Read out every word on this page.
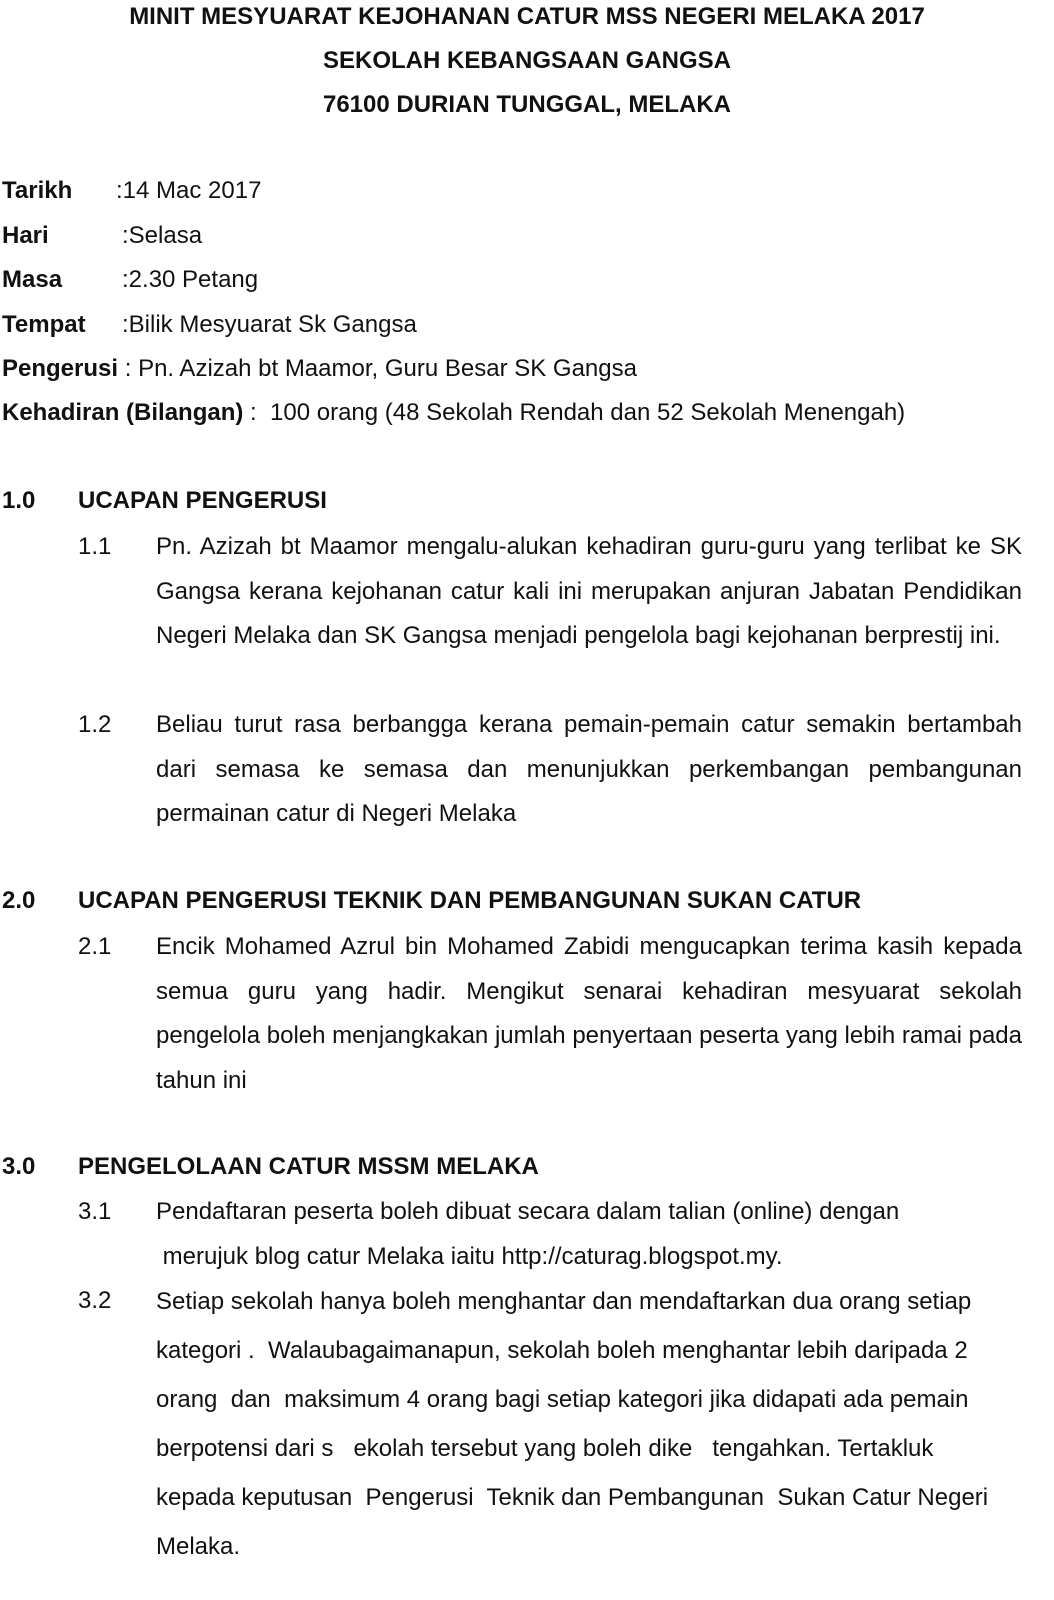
MINIT MESYUARAT KEJOHANAN CATUR MSS NEGERI MELAKA 2017
SEKOLAH KEBANGSAAN GANGSA
76100 DURIAN TUNGGAL, MELAKA
Tarikh :14 Mac 2017
Hari	:Selasa
Masa :2.30 Petang
Tempat :Bilik Mesyuarat Sk Gangsa
Pengerusi : Pn. Azizah bt Maamor, Guru Besar SK Gangsa
Kehadiran (Bilangan) :  100 orang (48 Sekolah Rendah dan 52 Sekolah Menengah)
1.0 UCAPAN PENGERUSI
1.1 Pn. Azizah bt Maamor mengalu-alukan kehadiran guru-guru yang terlibat ke SK Gangsa kerana kejohanan catur kali ini merupakan anjuran Jabatan Pendidikan Negeri Melaka dan SK Gangsa menjadi pengelola bagi kejohanan berprestij ini.
1.2 Beliau turut rasa berbangga kerana pemain-pemain catur semakin bertambah dari semasa ke semasa dan menunjukkan perkembangan pembangunan permainan catur di Negeri Melaka
2.0 UCAPAN PENGERUSI TEKNIK DAN PEMBANGUNAN SUKAN CATUR
2.1 Encik Mohamed Azrul bin Mohamed Zabidi mengucapkan terima kasih kepada semua guru yang hadir. Mengikut senarai kehadiran mesyuarat sekolah pengelola boleh menjangkakan jumlah penyertaan peserta yang lebih ramai pada tahun ini
3.0 PENGELOLAAN CATUR MSSM MELAKA
3.1 Pendaftaran peserta boleh dibuat secara dalam talian (online) dengan
merujuk blog catur Melaka iaitu http://caturag.blogspot.my.
3.2 Setiap sekolah hanya boleh menghantar dan mendaftarkan dua orang setiap kategori .  Walaubagaimanapun, sekolah boleh menghantar lebih daripada 2 orang  dan  maksimum 4 orang bagi setiap kategori jika didapati ada pemain berpotensi dari s   ekolah tersebut yang boleh dike   tengahkan. Tertakluk kepada keputusan  Pengerusi  Teknik dan Pembangunan  Sukan Catur Negeri Melaka.
